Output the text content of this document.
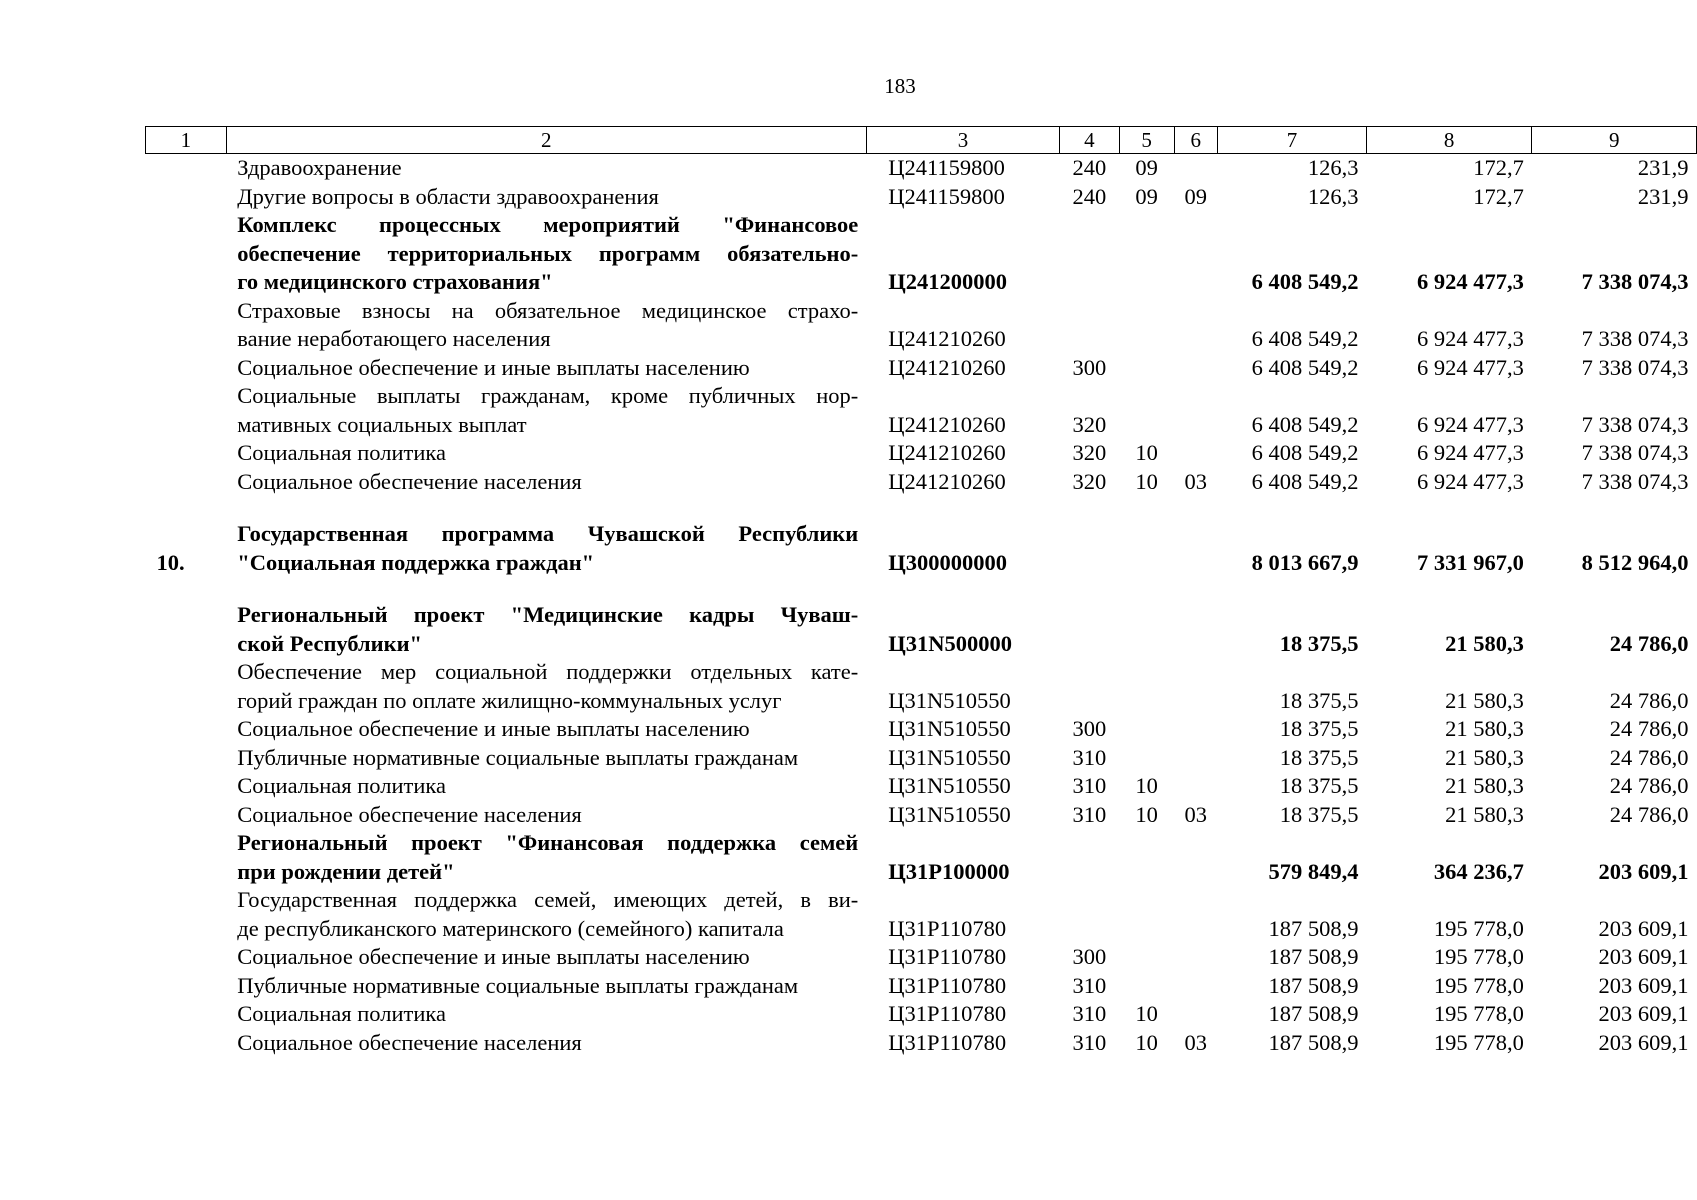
183
1	2	3	4	5	6	7	8	9

	Здравоохранение	Ц241159800	240	09		126,3	172,7	231,9

	Другие вопросы в области здравоохранения	Ц241159800	240	09	09	126,3	172,7	231,9

	Комплекс процессных мероприятий "Финансовое
обеспечение территориальных программ обязательно-
го медицинского страхования"	Ц241200000				6 408 549,2	6 924 477,3	7 338 074,3

	Страховые взносы на обязательное медицинское страхо-
вание неработающего населения	Ц241210260				6 408 549,2	6 924 477,3	7 338 074,3

	Социальное обеспечение и иные выплаты населению	Ц241210260	300			6 408 549,2	6 924 477,3	7 338 074,3

	Социальные выплаты гражданам, кроме публичных нор-
мативных социальных выплат	Ц241210260	320			6 408 549,2	6 924 477,3	7 338 074,3

	Социальная политика	Ц241210260	320	10		6 408 549,2	6 924 477,3	7 338 074,3

	Социальное обеспечение населения	Ц241210260	320	10	03	6 408 549,2	6 924 477,3	7 338 074,3
10.	Государственная программа Чувашской Республики
"Социальная поддержка граждан"	Ц300000000				8 013 667,9	7 331 967,0	8 512 964,0

	Региональный проект "Медицинские кадры Чуваш-
ской Республики"	Ц31N500000				18 375,5	21 580,3	24 786,0

	Обеспечение мер социальной поддержки отдельных кате-
горий граждан по оплате жилищно-коммунальных услуг	Ц31N510550				18 375,5	21 580,3	24 786,0

	Социальное обеспечение и иные выплаты населению	Ц31N510550	300			18 375,5	21 580,3	24 786,0

	Публичные нормативные социальные выплаты гражданам	Ц31N510550	310			18 375,5	21 580,3	24 786,0

	Социальная политика	Ц31N510550	310	10		18 375,5	21 580,3	24 786,0

	Социальное обеспечение населения	Ц31N510550	310	10	03	18 375,5	21 580,3	24 786,0

	Региональный проект "Финансовая поддержка семей
при рождении детей"	Ц31P100000				579 849,4	364 236,7	203 609,1

	Государственная поддержка семей, имеющих детей, в ви-
де республиканского материнского (семейного) капитала	Ц31P110780				187 508,9	195 778,0	203 609,1

	Социальное обеспечение и иные выплаты населению	Ц31P110780	300			187 508,9	195 778,0	203 609,1

	Публичные нормативные социальные выплаты гражданам	Ц31P110780	310			187 508,9	195 778,0	203 609,1

	Социальная политика	Ц31P110780	310	10		187 508,9	195 778,0	203 609,1

	Социальное обеспечение населения	Ц31P110780	310	10	03	187 508,9	195 778,0	203 609,1
